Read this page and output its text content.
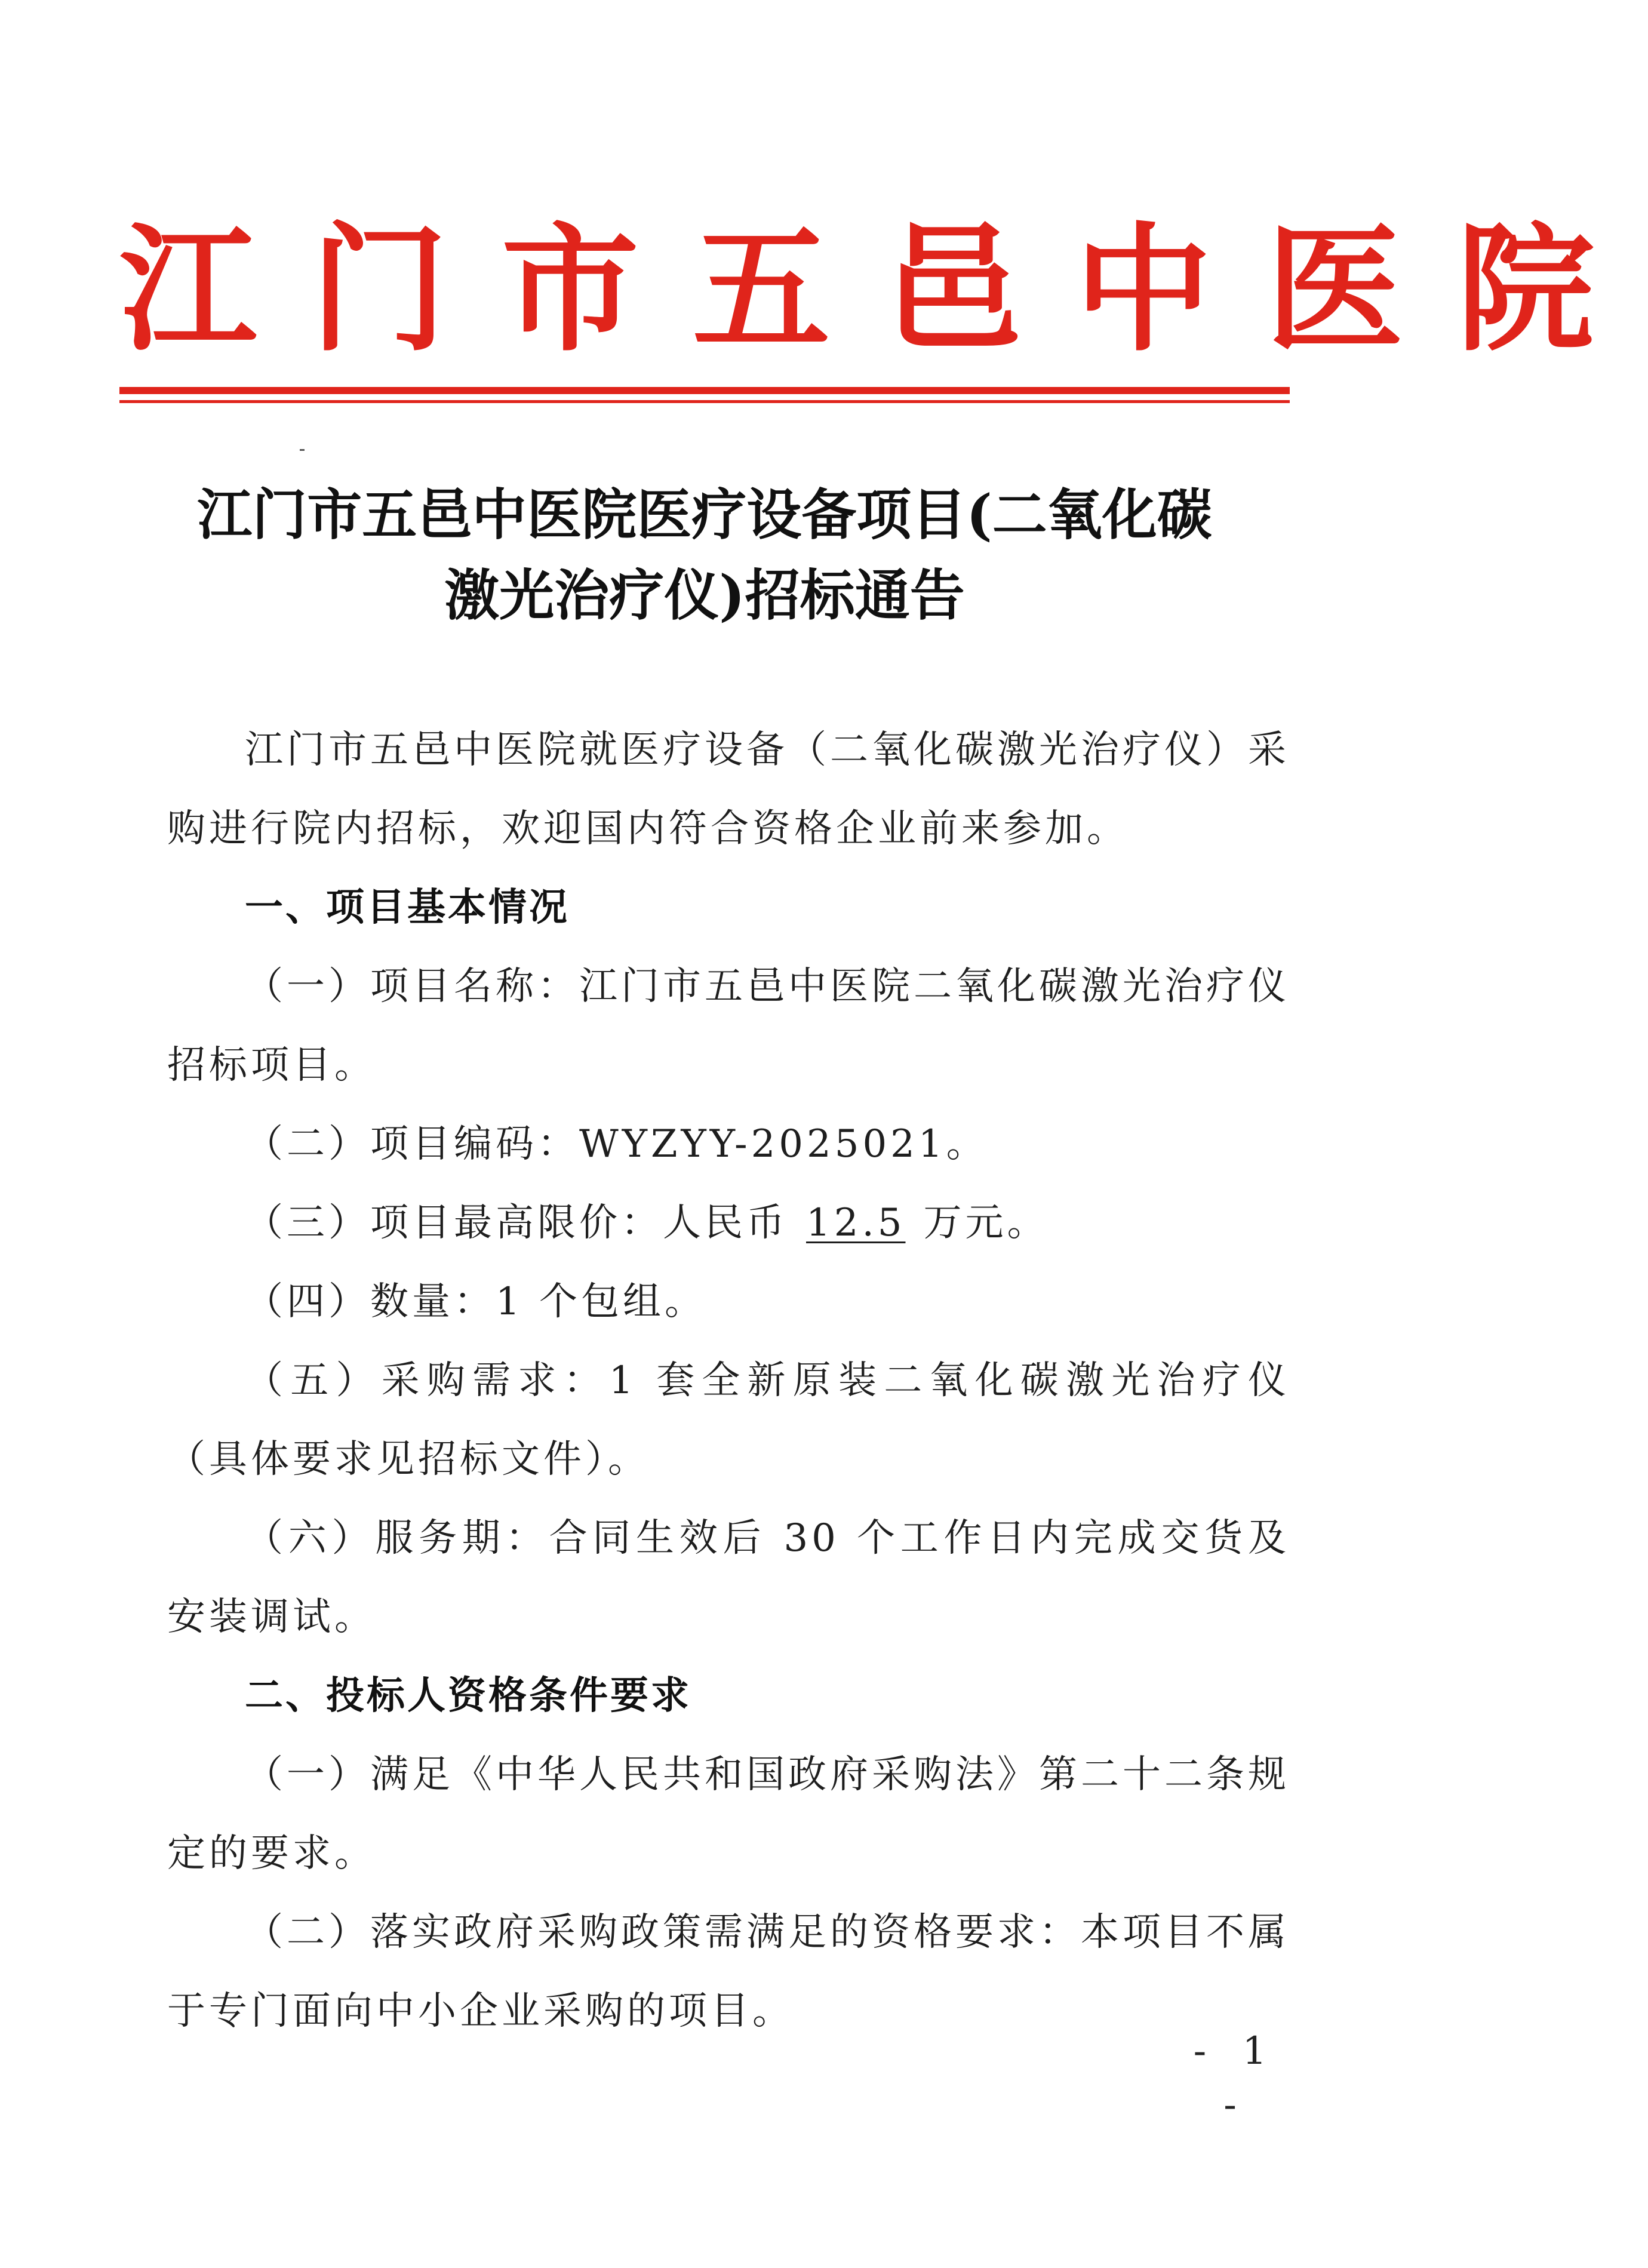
江门市五邑中医院
江门市五邑中医院医疗设备项目(二氧化碳
激光治疗仪)招标通告

江门市五邑中医院就医疗设备（二氧化碳激光治疗仪）采购进行院内招标，欢迎国内符合资格企业前来参加。

一、项目基本情况

（一）项目名称：江门市五邑中医院二氧化碳激光治疗仪招标项目。

（二）项目编码：WYZYY-2025021。

（三）项目最高限价：人民币 12.5 万元。

（四）数量：1 个包组。

（五）采购需求：1 套全新原装二氧化碳激光治疗仪（具体要求见招标文件）。

（六）服务期：合同生效后 30 个工作日内完成交货及安装调试。

二、投标人资格条件要求

（一）满足《中华人民共和国政府采购法》第二十二条规定的要求。

（二）落实政府采购政策需满足的资格要求：本项目不属于专门面向中小企业采购的项目。

- 1 -
